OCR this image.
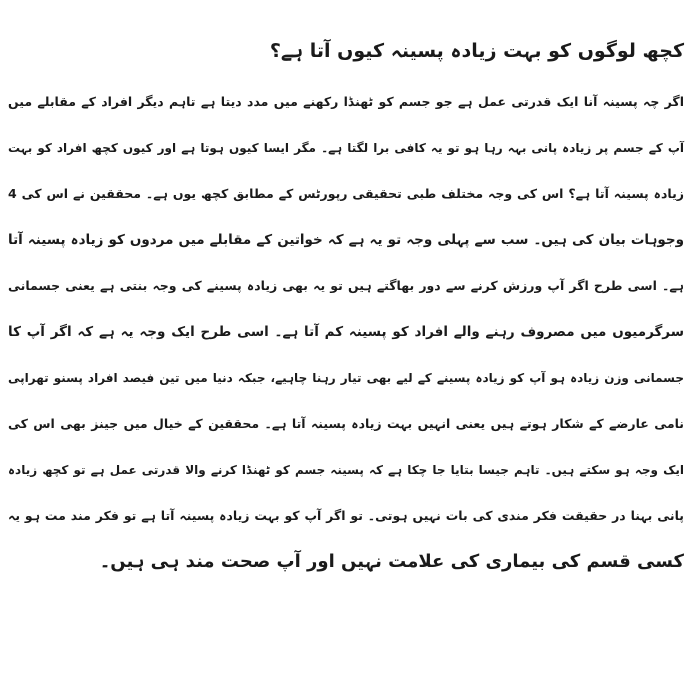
کچھ لوگوں کو بہت زیادہ پسینہ کیوں آتا ہے؟
اگر چہ پسینہ آنا ایک قدرتی عمل ہے جو جسم کو ٹھنڈا رکھنے میں مدد دیتا ہے تاہم دیگر افراد کے مقابلے میں
آپ کے جسم پر زیادہ پانی بہہ رہا ہو تو یہ کافی برا لگتا ہے۔ مگر ایسا کیوں ہوتا ہے اور کیوں کچھ افراد کو بہت
زیادہ پسینہ آتا ہے؟ اس کی وجہ مختلف طبی تحقیقی رپورٹس کے مطابق کچھ یوں ہے۔ محققین نے اس کی 4
وجوہات بیان کی ہیں۔ سب سے پہلی وجہ تو یہ ہے کہ خواتین کے مقابلے میں مردوں کو زیادہ پسینہ آتا
ہے۔ اسی طرح اگر آپ ورزش کرنے سے دور بھاگتے ہیں تو یہ بھی زیادہ پسینے کی وجہ بنتی ہے یعنی جسمانی
سرگرمیوں میں مصروف رہنے والے افراد کو پسینہ کم آتا ہے۔ اسی طرح ایک وجہ یہ ہے کہ اگر آپ کا
جسمانی وزن زیادہ ہو آپ کو زیادہ پسینے کے لیے بھی تیار رہنا چاہیے، جبکہ دنیا میں تین فیصد افراد پسنو تھراپی
نامی عارضے کے شکار ہوتے ہیں یعنی انہیں بہت زیادہ پسینہ آتا ہے۔ محققین کے خیال میں جینز بھی اس کی
ایک وجہ ہو سکتے ہیں۔ تاہم جیسا بتایا جا چکا ہے کہ پسینہ جسم کو ٹھنڈا کرنے والا قدرتی عمل ہے تو کچھ زیادہ
پانی بہنا در حقیقت فکر مندی کی بات نہیں ہوتی۔ تو اگر آپ کو بہت زیادہ پسینہ آتا ہے تو فکر مند مت ہو یہ
کسی قسم کی بیماری کی علامت نہیں اور آپ صحت مند ہی ہیں۔
